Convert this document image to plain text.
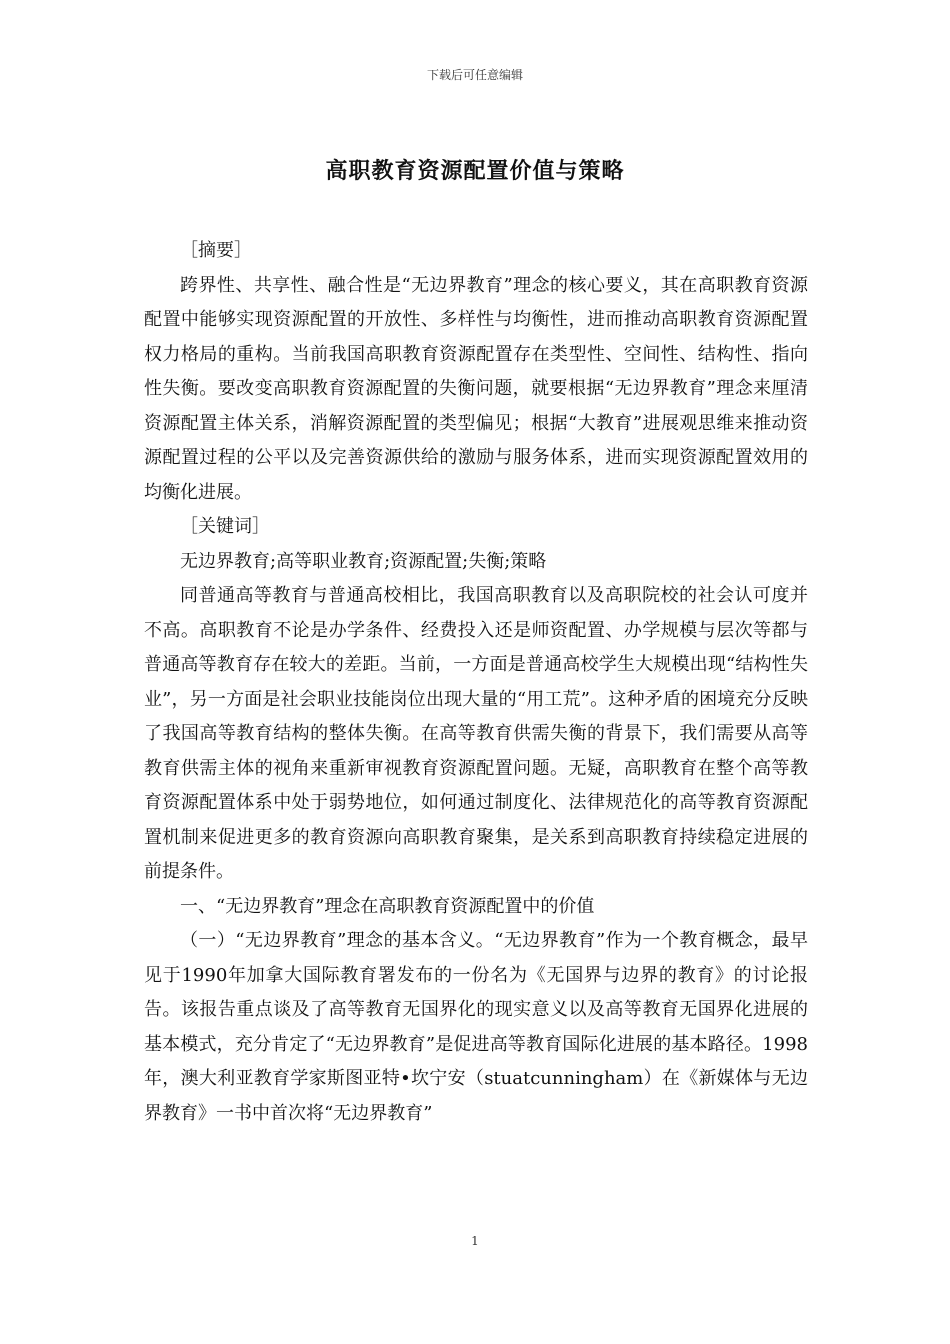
下载后可任意编辑
高职教育资源配置价值与策略

［摘要］

跨界性、共享性、融合性是“无边界教育”理念的核心要义，其在高职教育资源配置中能够实现资源配置的开放性、多样性与均衡性，进而推动高职教育资源配置权力格局的重构。当前我国高职教育资源配置存在类型性、空间性、结构性、指向性失衡。要改变高职教育资源配置的失衡问题，就要根据“无边界教育”理念来厘清资源配置主体关系，消解资源配置的类型偏见；根据“大教育”进展观思维来推动资源配置过程的公平以及完善资源供给的激励与服务体系，进而实现资源配置效用的均衡化进展。

［关键词］

无边界教育;高等职业教育;资源配置;失衡;策略

同普通高等教育与普通高校相比，我国高职教育以及高职院校的社会认可度并不高。高职教育不论是办学条件、经费投入还是师资配置、办学规模与层次等都与普通高等教育存在较大的差距。当前，一方面是普通高校学生大规模出现“结构性失业”，另一方面是社会职业技能岗位出现大量的“用工荒”。这种矛盾的困境充分反映了我国高等教育结构的整体失衡。在高等教育供需失衡的背景下，我们需要从高等教育供需主体的视角来重新审视教育资源配置问题。无疑，高职教育在整个高等教育资源配置体系中处于弱势地位，如何通过制度化、法律规范化的高等教育资源配置机制来促进更多的教育资源向高职教育聚集，是关系到高职教育持续稳定进展的前提条件。

一、“无边界教育”理念在高职教育资源配置中的价值

（一）“无边界教育”理念的基本含义。“无边界教育”作为一个教育概念，最早见于1990年加拿大国际教育署发布的一份名为《无国界与边界的教育》的讨论报告。该报告重点谈及了高等教育无国界化的现实意义以及高等教育无国界化进展的基本模式，充分肯定了“无边界教育”是促进高等教育国际化进展的基本路径。1998年，澳大利亚教育学家斯图亚特•坎宁安（stuatcunningham）在《新媒体与无边界教育》一书中首次将“无边界教育”

1
